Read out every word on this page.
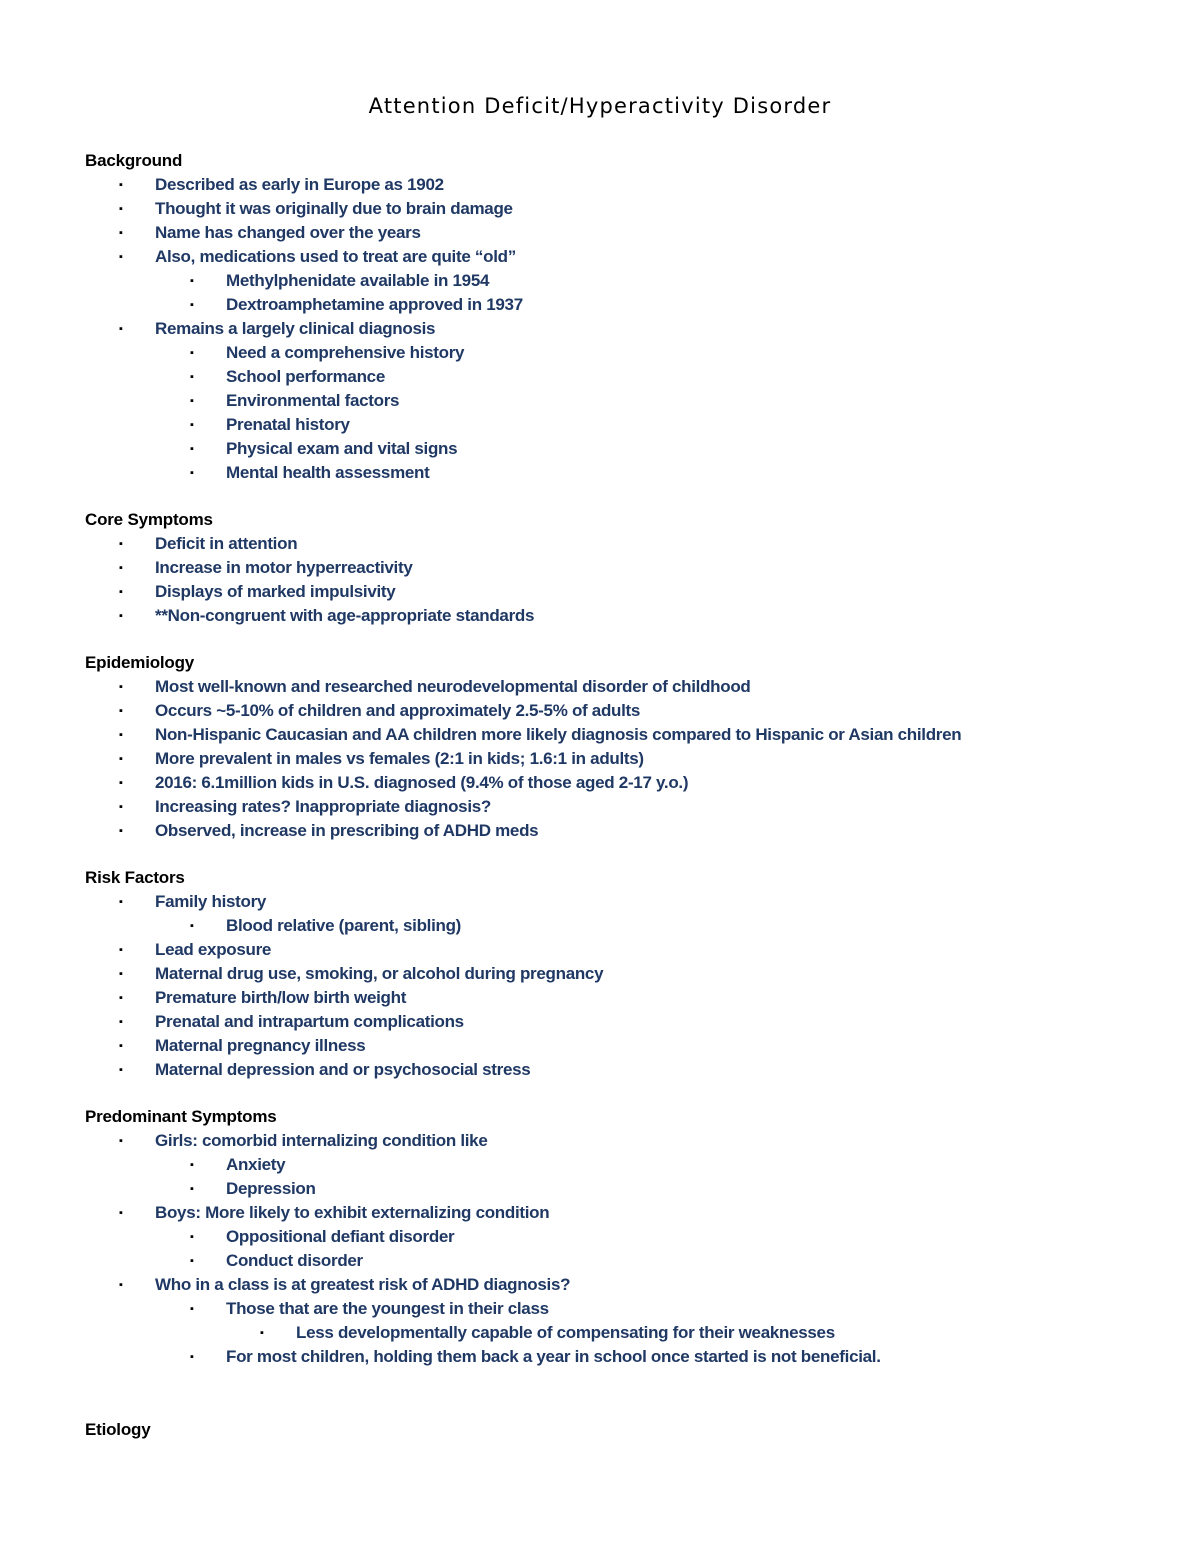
Attention Deficit/Hyperactivity Disorder
Background
▪ Described as early in Europe as 1902
▪ Thought it was originally due to brain damage
▪ Name has changed over the years
▪ Also, medications used to treat are quite “old”
▪ Methylphenidate available in 1954
▪ Dextroamphetamine approved in 1937
▪ Remains a largely clinical diagnosis
▪ Need a comprehensive history
▪ School performance
▪ Environmental factors
▪ Prenatal history
▪ Physical exam and vital signs
▪ Mental health assessment
Core Symptoms
▪ Deficit in attention
▪ Increase in motor hyperreactivity
▪ Displays of marked impulsivity
▪ **Non-congruent with age-appropriate standards
Epidemiology
▪ Most well-known and researched neurodevelopmental disorder of childhood
▪ Occurs ~5-10% of children and approximately 2.5-5% of adults
▪ Non-Hispanic Caucasian and AA children more likely diagnosis compared to Hispanic or Asian children
▪ More prevalent in males vs females (2:1 in kids; 1.6:1 in adults)
▪ 2016: 6.1million kids in U.S. diagnosed (9.4% of those aged 2-17 y.o.)
▪ Increasing rates? Inappropriate diagnosis?
▪ Observed, increase in prescribing of ADHD meds
Risk Factors
▪ Family history
▪ Blood relative (parent, sibling)
▪ Lead exposure
▪ Maternal drug use, smoking, or alcohol during pregnancy
▪ Premature birth/low birth weight
▪ Prenatal and intrapartum complications
▪ Maternal pregnancy illness
▪ Maternal depression and or psychosocial stress
Predominant Symptoms
▪ Girls: comorbid internalizing condition like
▪ Anxiety
▪ Depression
▪ Boys: More likely to exhibit externalizing condition
▪ Oppositional defiant disorder
▪ Conduct disorder
▪ Who in a class is at greatest risk of ADHD diagnosis?
▪ Those that are the youngest in their class
▪ Less developmentally capable of compensating for their weaknesses
▪ For most children, holding them back a year in school once started is not beneficial.
Etiology
